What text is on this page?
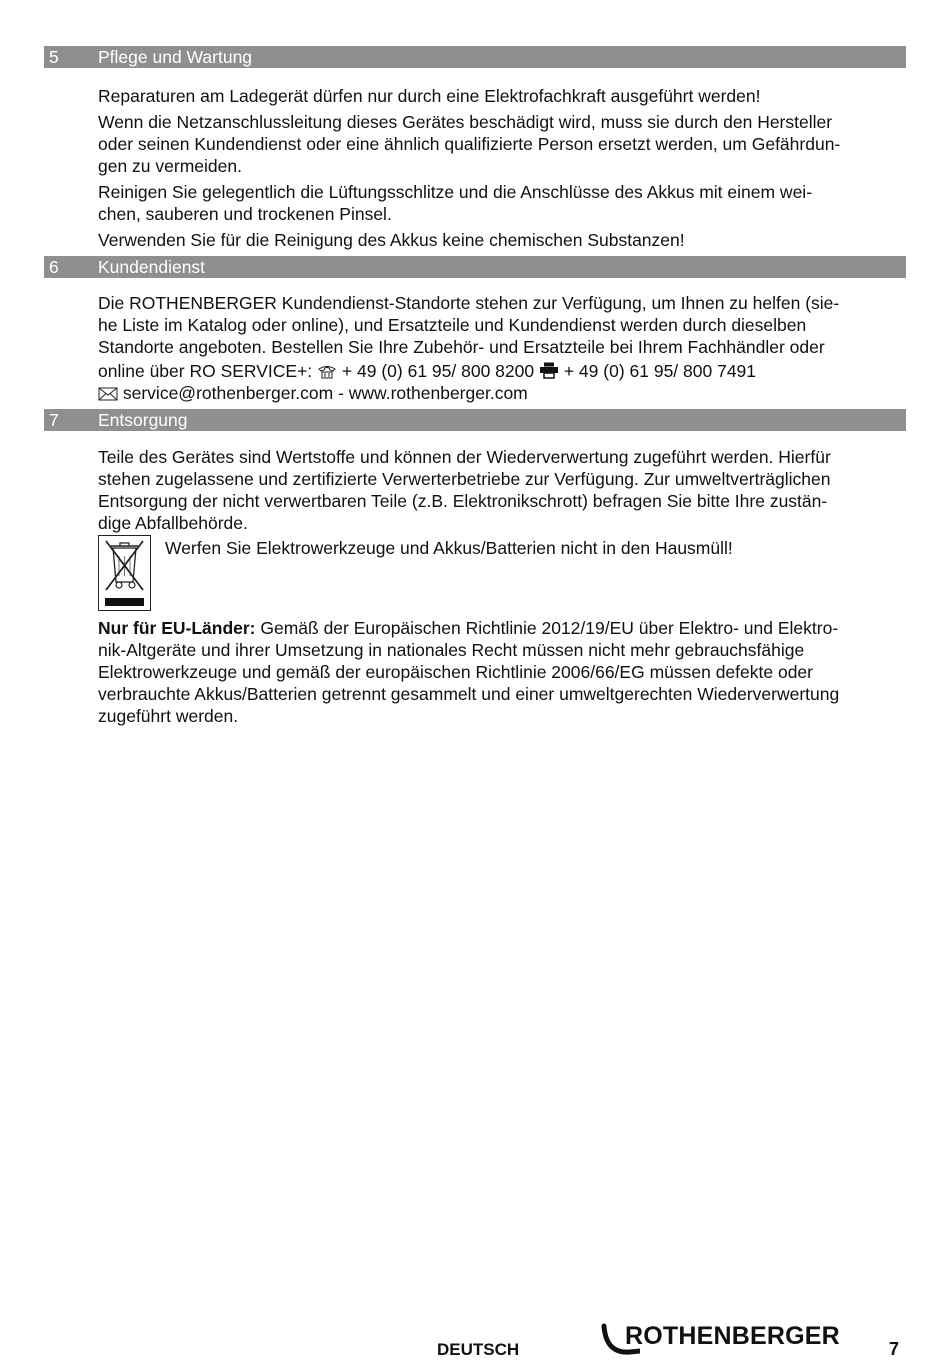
5 Pflege und Wartung

Reparaturen am Ladegerät dürfen nur durch eine Elektrofachkraft ausgeführt werden!

Wenn die Netzanschlussleitung dieses Gerätes beschädigt wird, muss sie durch den Hersteller
oder seinen Kundendienst oder eine ähnlich qualifizierte Person ersetzt werden, um Gefährdun-
gen zu vermeiden.

Reinigen Sie gelegentlich die Lüftungsschlitze und die Anschlüsse des Akkus mit einem wei-
chen, sauberen und trockenen Pinsel.

Verwenden Sie für die Reinigung des Akkus keine chemischen Substanzen!

6 Kundendienst

Die ROTHENBERGER Kundendienst-Standorte stehen zur Verfügung, um Ihnen zu helfen (sie-
he Liste im Katalog oder online), und Ersatzteile und Kundendienst werden durch dieselben
Standorte angeboten. Bestellen Sie Ihre Zubehör- und Ersatzteile bei Ihrem Fachhändler oder
online über RO SERVICE+: + 49 (0) 61 95/ 800 8200 + 49 (0) 61 95/ 800 7491
service@rothenberger.com - www.rothenberger.com

7 Entsorgung

Teile des Gerätes sind Wertstoffe und können der Wiederverwertung zugeführt werden. Hierfür
stehen zugelassene und zertifizierte Verwerterbetriebe zur Verfügung. Zur umweltverträglichen
Entsorgung der nicht verwertbaren Teile (z.B. Elektronikschrott) befragen Sie bitte Ihre zustän-
dige Abfallbehörde.

Werfen Sie Elektrowerkzeuge und Akkus/Batterien nicht in den Hausmüll!

Nur für EU-Länder: Gemäß der Europäischen Richtlinie 2012/19/EU über Elektro- und Elektro-
nik-Altgeräte und ihrer Umsetzung in nationales Recht müssen nicht mehr gebrauchsfähige
Elektrowerkzeuge und gemäß der europäischen Richtlinie 2006/66/EG müssen defekte oder
verbrauchte Akkus/Batterien getrennt gesammelt und einer umweltgerechten Wiederverwertung
zugeführt werden.

DEUTSCH	ROTHENBERGER	7
